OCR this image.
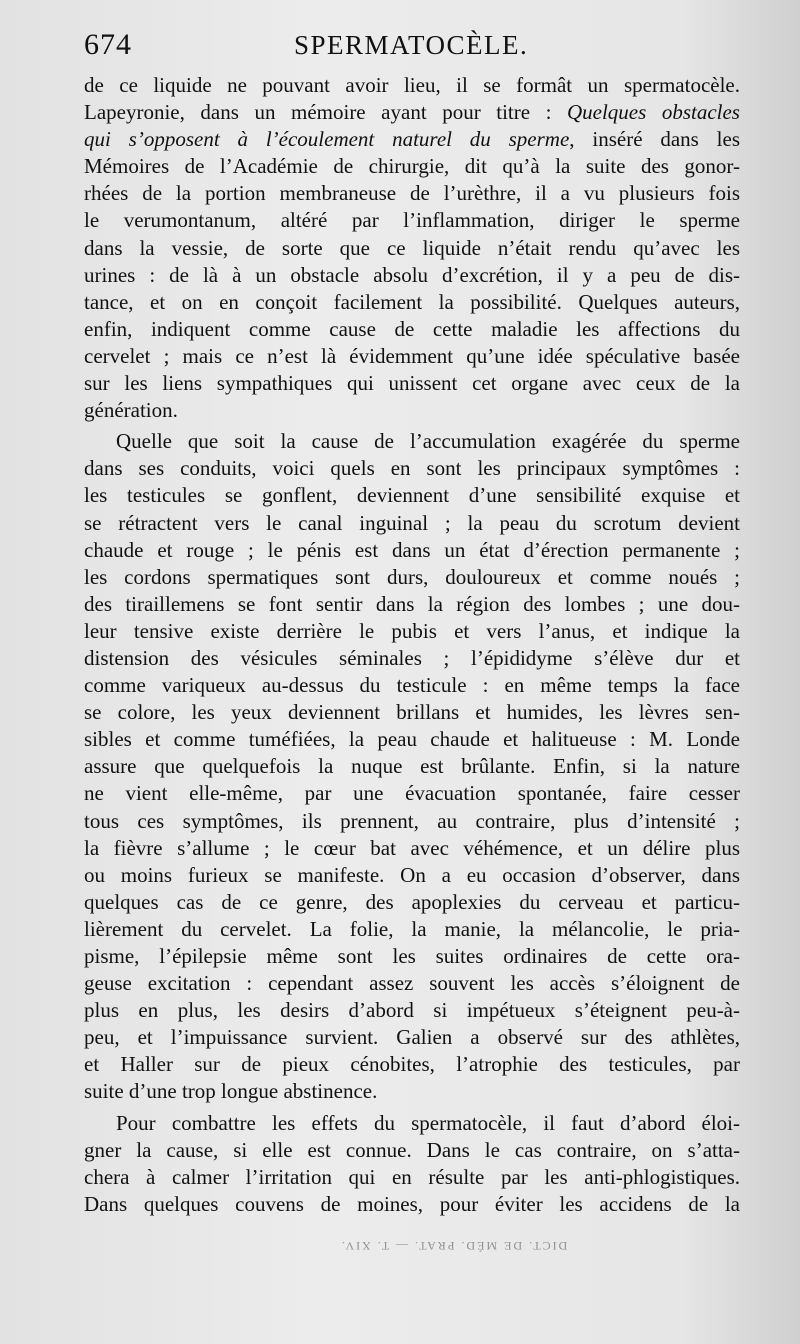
674	SPERMATOCÈLE.
de ce liquide ne pouvant avoir lieu, il se formât un spermatocèle.
Lapeyronie, dans un mémoire ayant pour titre : Quelques obstacles
qui s’opposent à l’écoulement naturel du sperme, inséré dans les
Mémoires de l’Académie de chirurgie, dit qu’à la suite des gonor-
rhées de la portion membraneuse de l’urèthre, il a vu plusieurs fois
le verumontanum, altéré par l’inflammation, diriger le sperme
dans la vessie, de sorte que ce liquide n’était rendu qu’avec les
urines : de là à un obstacle absolu d’excrétion, il y a peu de dis-
tance, et on en conçoit facilement la possibilité. Quelques auteurs,
enfin, indiquent comme cause de cette maladie les affections du
cervelet ; mais ce n’est là évidemment qu’une idée spéculative basée
sur les liens sympathiques qui unissent cet organe avec ceux de la
génération.
Quelle que soit la cause de l’accumulation exagérée du sperme
dans ses conduits, voici quels en sont les principaux symptômes :
les testicules se gonflent, deviennent d’une sensibilité exquise et
se rétractent vers le canal inguinal ; la peau du scrotum devient
chaude et rouge ; le pénis est dans un état d’érection permanente ;
les cordons spermatiques sont durs, douloureux et comme noués ;
des tiraillemens se font sentir dans la région des lombes ; une dou-
leur tensive existe derrière le pubis et vers l’anus, et indique la
distension des vésicules séminales ; l’épididyme s’élève dur et
comme variqueux au-dessus du testicule : en même temps la face
se colore, les yeux deviennent brillans et humides, les lèvres sen-
sibles et comme tuméfiées, la peau chaude et halitueuse : M. Londe
assure que quelquefois la nuque est brûlante. Enfin, si la nature
ne vient elle-même, par une évacuation spontanée, faire cesser
tous ces symptômes, ils prennent, au contraire, plus d’intensité ;
la fièvre s’allume ; le cœur bat avec véhémence, et un délire plus
ou moins furieux se manifeste. On a eu occasion d’observer, dans
quelques cas de ce genre, des apoplexies du cerveau et particu-
lièrement du cervelet. La folie, la manie, la mélancolie, le pria-
pisme, l’épilepsie même sont les suites ordinaires de cette ora-
geuse excitation : cependant assez souvent les accès s’éloignent de
plus en plus, les desirs d’abord si impétueux s’éteignent peu-à-
peu, et l’impuissance survient. Galien a observé sur des athlètes,
et Haller sur de pieux cénobites, l’atrophie des testicules, par
suite d’une trop longue abstinence.
Pour combattre les effets du spermatocèle, il faut d’abord éloi-
gner la cause, si elle est connue. Dans le cas contraire, on s’atta-
chera à calmer l’irritation qui en résulte par les anti-phlogistiques.
Dans quelques couvens de moines, pour éviter les accidens de la
DICT. DE MÉD. PRAT. — T. XIV.
